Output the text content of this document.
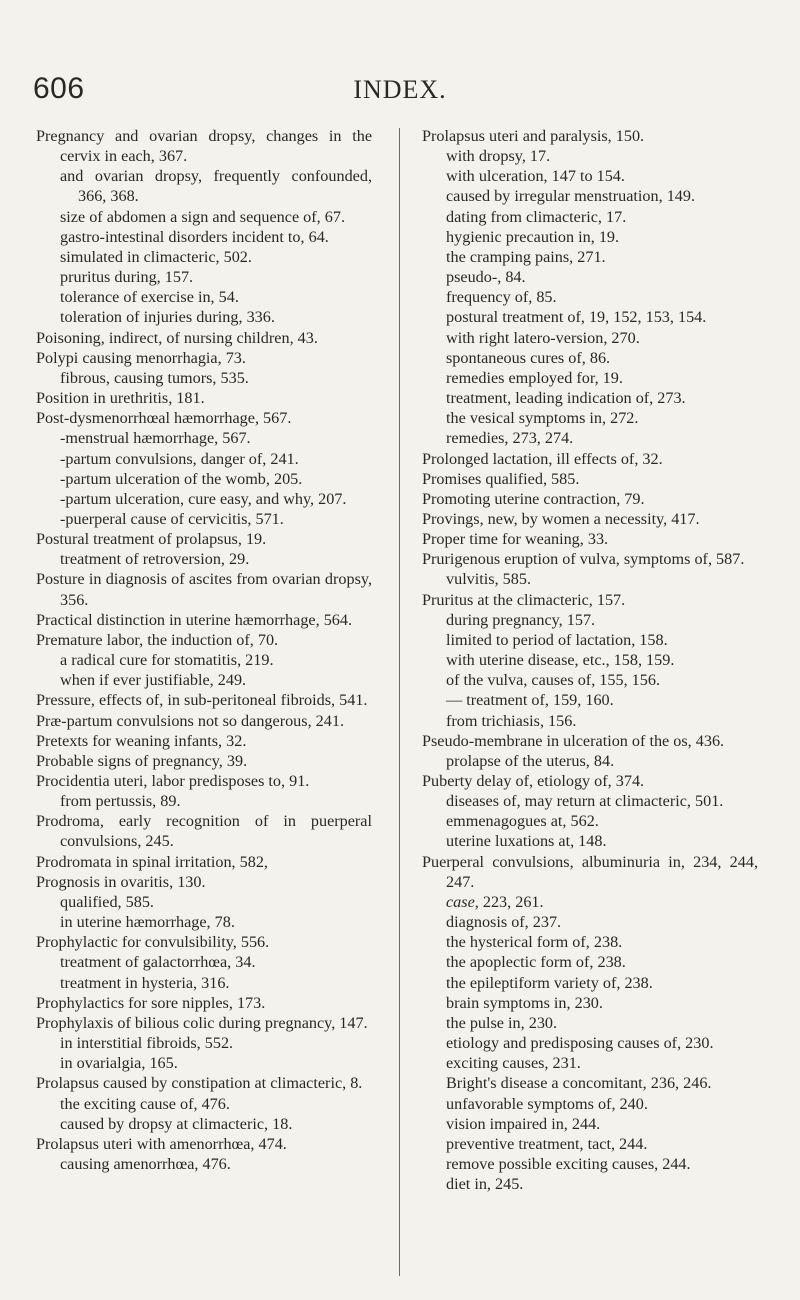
606	INDEX.
Pregnancy and ovarian dropsy, changes in the cervix in each, 367.
and ovarian dropsy, frequently confounded, 366, 368.
size of abdomen a sign and sequence of, 67.
gastro-intestinal disorders incident to, 64.
simulated in climacteric, 502.
pruritus during, 157.
tolerance of exercise in, 54.
toleration of injuries during, 336.
Poisoning, indirect, of nursing children, 43.
Polypi causing menorrhagia, 73.
fibrous, causing tumors, 535.
Position in urethritis, 181.
Post-dysmenorrhœal hæmorrhage, 567.
-menstrual hæmorrhage, 567.
-partum convulsions, danger of, 241.
-partum ulceration of the womb, 205.
-partum ulceration, cure easy, and why, 207.
-puerperal cause of cervicitis, 571.
Postural treatment of prolapsus, 19.
treatment of retroversion, 29.
Posture in diagnosis of ascites from ovarian dropsy, 356.
Practical distinction in uterine hæmorrhage, 564.
Premature labor, the induction of, 70.
a radical cure for stomatitis, 219.
when if ever justifiable, 249.
Pressure, effects of, in sub-peritoneal fibroids, 541.
Præ-partum convulsions not so dangerous, 241.
Pretexts for weaning infants, 32.
Probable signs of pregnancy, 39.
Procidentia uteri, labor predisposes to, 91.
from pertussis, 89.
Prodroma, early recognition of in puerperal convulsions, 245.
Prodromata in spinal irritation, 582,
Prognosis in ovaritis, 130.
qualified, 585.
in uterine hæmorrhage, 78.
Prophylactic for convulsibility, 556.
treatment of galactorrhœa, 34.
treatment in hysteria, 316.
Prophylactics for sore nipples, 173.
Prophylaxis of bilious colic during pregnancy, 147.
in interstitial fibroids, 552.
in ovarialgia, 165.
Prolapsus caused by constipation at climacteric, 8.
the exciting cause of, 476.
caused by dropsy at climacteric, 18.
Prolapsus uteri with amenorrhœa, 474.
causing amenorrhœa, 476.
Prolapsus uteri and paralysis, 150.
with dropsy, 17.
with ulceration, 147 to 154.
caused by irregular menstruation, 149.
dating from climacteric, 17.
hygienic precaution in, 19.
the cramping pains, 271.
pseudo-, 84.
frequency of, 85.
postural treatment of, 19, 152, 153, 154.
with right latero-version, 270.
spontaneous cures of, 86.
remedies employed for, 19.
treatment, leading indication of, 273.
the vesical symptoms in, 272.
remedies, 273, 274.
Prolonged lactation, ill effects of, 32.
Promises qualified, 585.
Promoting uterine contraction, 79.
Provings, new, by women a necessity, 417.
Proper time for weaning, 33.
Prurigenous eruption of vulva, symptoms of, 587.
vulvitis, 585.
Pruritus at the climacteric, 157.
during pregnancy, 157.
limited to period of lactation, 158.
with uterine disease, etc., 158, 159.
of the vulva, causes of, 155, 156.
— treatment of, 159, 160.
from trichiasis, 156.
Pseudo-membrane in ulceration of the os, 436.
prolapse of the uterus, 84.
Puberty delay of, etiology of, 374.
diseases of, may return at climacteric, 501.
emmenagogues at, 562.
uterine luxations at, 148.
Puerperal convulsions, albuminuria in, 234, 244, 247.
case, 223, 261.
diagnosis of, 237.
the hysterical form of, 238.
the apoplectic form of, 238.
the epileptiform variety of, 238.
brain symptoms in, 230.
the pulse in, 230.
etiology and predisposing causes of, 230.
exciting causes, 231.
Bright's disease a concomitant, 236, 246.
unfavorable symptoms of, 240.
vision impaired in, 244.
preventive treatment, tact, 244.
remove possible exciting causes, 244.
diet in, 245.
